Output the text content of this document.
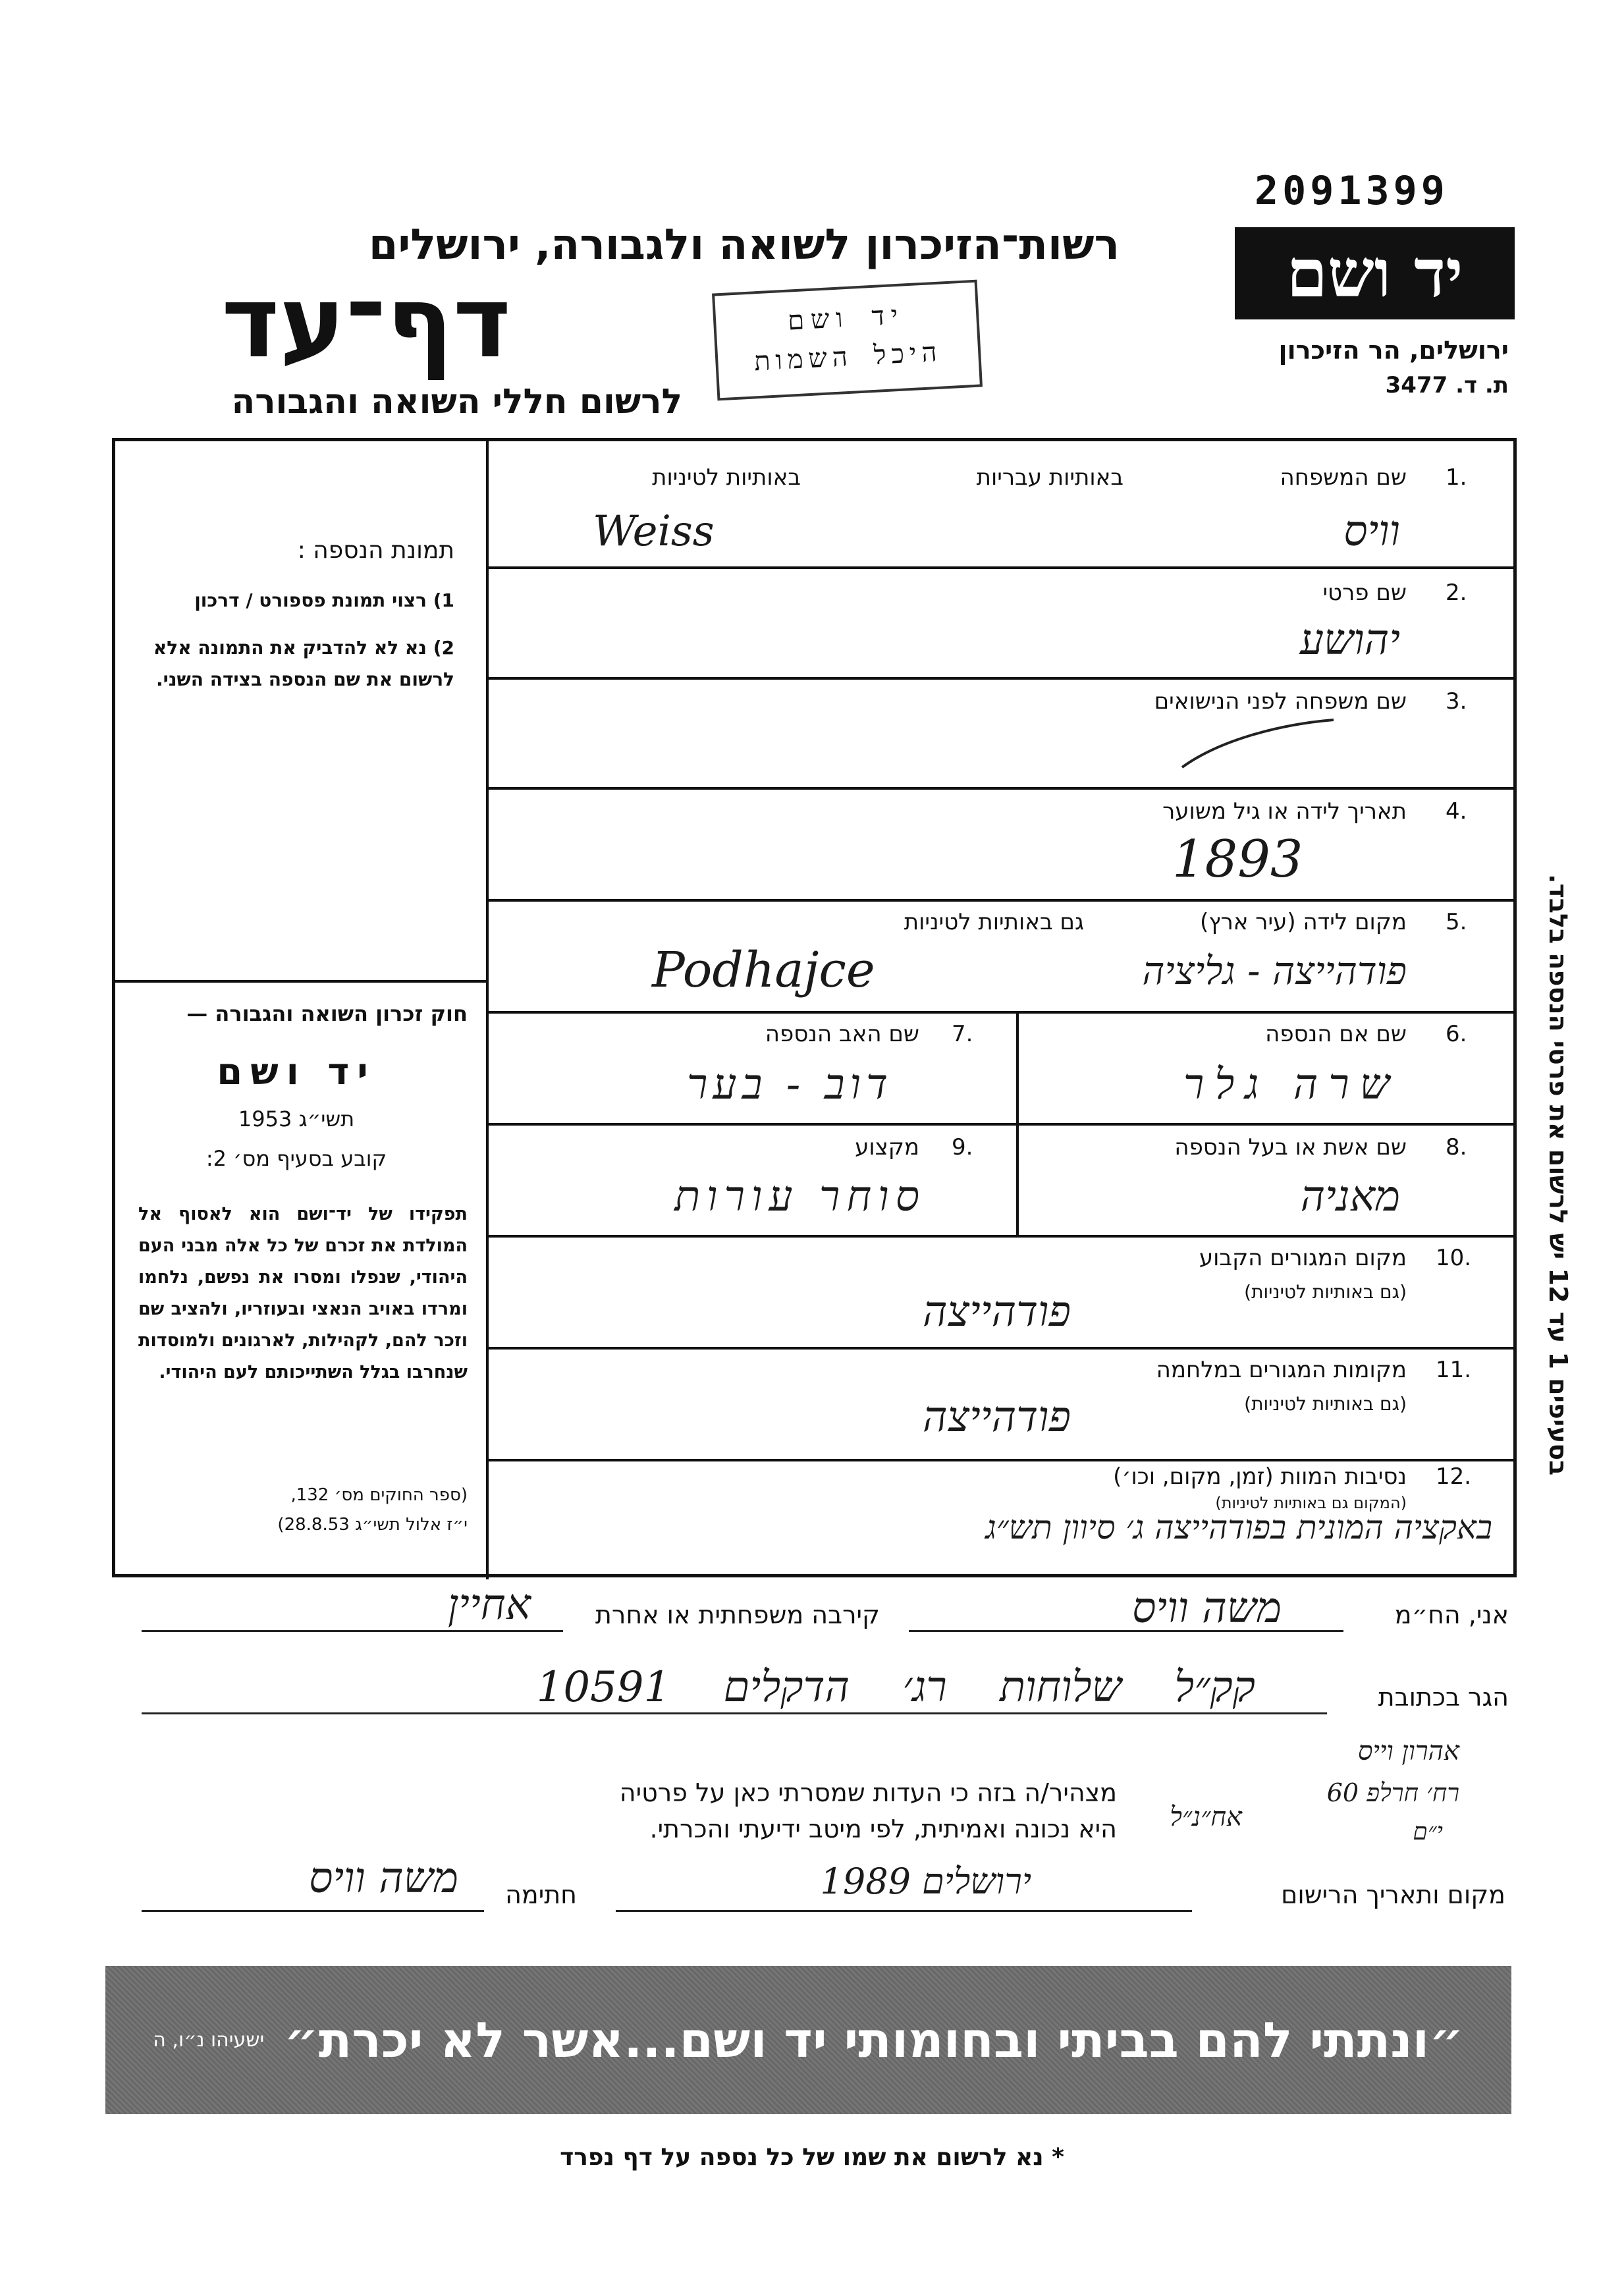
2091399
יד ושם
ירושלים, הר הזיכרון
ת. ד. 3477
רשות־הזיכרון לשואה ולגבורה, ירושלים
דף־עד
לרשום חללי השואה והגבורה
יד ושם
היכל השמות
תמונת הנספה :
1) רצוי תמונת פספורט / דרכון
2) נא לא להדביק את התמונה אלא לרשום את שם הנספה בצידה השני.
חוק זכרון השואה והגבורה —
יד ושם
תשי״ג 1953
קובע בסעיף מס׳ 2:
תפקידו של יד־ושם הוא לאסוף אל המולדת את זכרם של כל אלה מבני העם היהודי, שנפלו ומסרו את נפשם, נלחמו ומרדו באויב הנאצי ובעוזריו, ולהציב שם וזכר להם, לקהילות, לארגונים ולמוסדות שנחרבו בגלל השתייכותם לעם היהודי.
(ספר החוקים מס׳ 132,
י״ז אלול תשי״ג 28.8.53)
1.
שם המשפחה
באותיות עבריות
באותיות לטיניות
וויס
Weiss
2.
שם פרטי
יהושע
3.
שם משפחה לפני הנישואים
4.
תאריך לידה או גיל משוער
1893
5.
מקום לידה (עיר ארץ)
גם באותיות לטיניות
פודהייצה - גליציה
Podhajce
6.
שם אם הנספה
שרה גלר
7.
שם האב הנספה
דוב - בער
8.
שם אשת או בעל הנספה
מאניה
9.
מקצוע
סוחר עורות
10.
מקום המגורים הקבוע
(גם באותיות לטיניות)
פודהייצה
11.
מקומות המגורים במלחמה
(גם באותיות לטיניות)
פודהייצה
12.
נסיבות המוות (זמן, מקום, וכו׳)
(המקום גם באותיות לטיניות)
באקציה המונית בפודהייצה ג׳ סיוון תש״ג
בסעיפים 1 עד 12 יש לרשום את פרטי הנספה בלבד.
אני, הח״מ
משה וויס
קירבה משפחתית או אחרת
אחיין
הגר בכתובת
קק״ל שלוחות רג׳ הדקלים 10591
מצהיר/ה בזה כי העדות שמסרתי כאן על פרטיה
היא נכונה ואמיתית, לפי מיטב ידיעתי והכרתי.
אהרון וייס
רח׳ חרלפ 60
י״ם
אח״נ״ל
מקום ותאריך הרישום
ירושלים 1989
חתימה
משה וויס
״ונתתי להם בביתי ובחומותי יד ושם...אשר לא יכרת״
ישעיהו נ״ו, ה
* נא לרשום את שמו של כל נספה על דף נפרד
